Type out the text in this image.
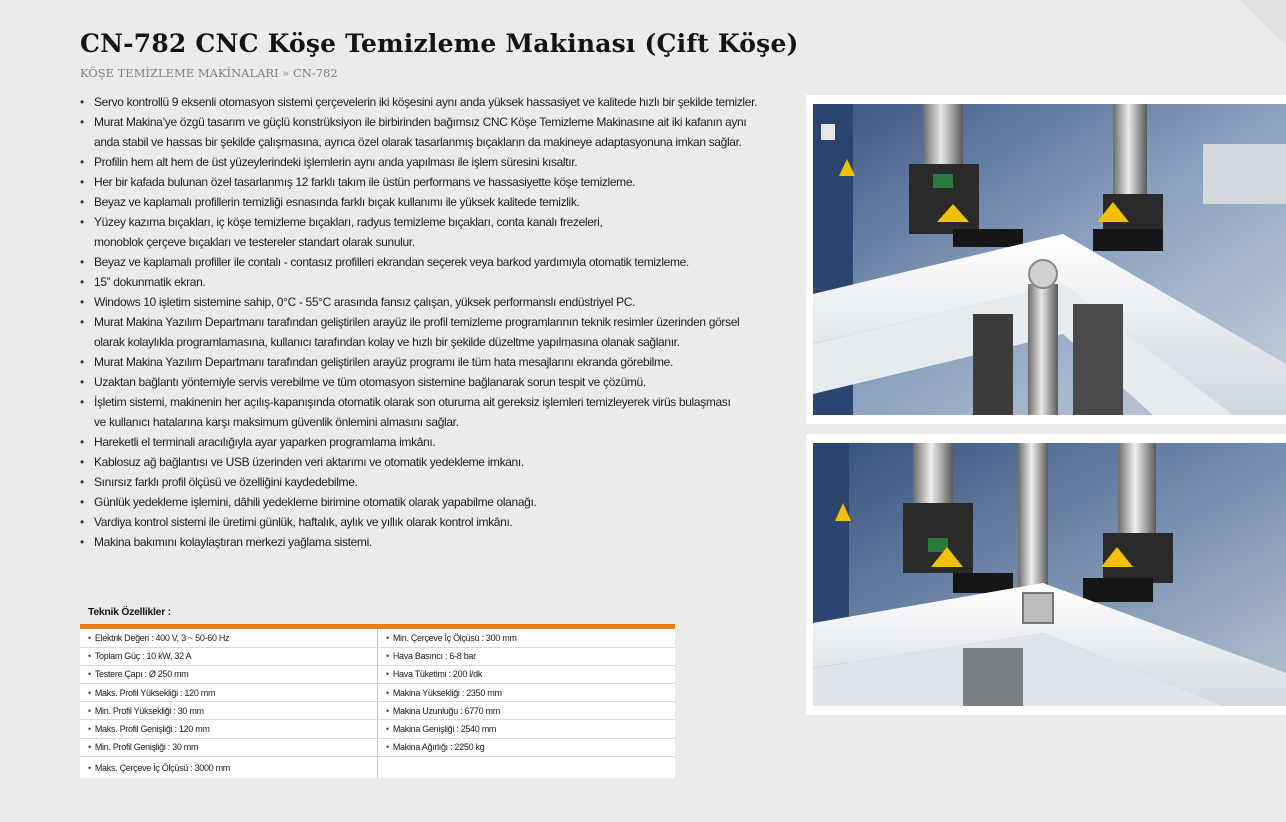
CN-782 CNC Köşe Temizleme Makinası (Çift Köşe)
KÖŞE TEMİZLEME MAKİNALARI » CN-782
• Servo kontrollü 9 eksenli otomasyon sistemi çerçevelerin iki köşesini aynı anda yüksek hassasiyet ve kalitede hızlı bir şekilde temizler.
• Murat Makina’ye özgü tasarım ve güçlü konstrüksiyon ile birbirinden bağımsız CNC Köşe Temizleme Makinasıne ait iki kafanın aynı
anda stabil ve hassas bir şekilde çalışmasına, ayrıca özel olarak tasarlanmış bıçakların da makineye adaptasyonuna imkan sağlar.
• Profilin hem alt hem de üst yüzeylerindeki işlemlerin aynı anda yapılması ile işlem süresini kısaltır.
• Her bir kafada bulunan özel tasarlanmış 12 farklı takım ile üstün performans ve hassasiyette köşe temizleme.
• Beyaz ve kaplamalı profillerin temizliği esnasında farklı bıçak kullanımı ile yüksek kalitede temizlik.
• Yüzey kazıma bıçakları, iç köşe temizleme bıçakları, radyus temizleme bıçakları, conta kanalı frezeleri,
monoblok çerçeve bıçakları ve testereler standart olarak sunulur.
• Beyaz ve kaplamalı profiller ile contalı - contasız profilleri ekrandan seçerek veya barkod yardımıyla otomatik temizleme.
• 15” dokunmatik ekran.
• Windows 10 işletim sistemine sahip, 0°C - 55°C arasında fansız çalışan, yüksek performanslı endüstriyel PC.
• Murat Makina Yazılım Departmanı tarafından geliştirilen arayüz ile profil temizleme programlarının teknik resimler üzerinden görsel
olarak kolaylıkla programlamasına, kullanıcı tarafından kolay ve hızlı bir şekilde düzeltme yapılmasına olanak sağlanır.
• Murat Makina Yazılım Departmanı tarafından geliştirilen arayüz programı ile tüm hata mesajlarını ekranda görebilme.
• Uzaktan bağlantı yöntemiyle servis verebilme ve tüm otomasyon sistemine bağlanarak sorun tespit ve çözümü.
• İşletim sistemi, makinenin her açılış-kapanışında otomatik olarak son oturuma ait gereksiz işlemleri temizleyerek virüs bulaşması
ve kullanıcı hatalarına karşı maksimum güvenlik önlemini almasını sağlar.
• Hareketli el terminali aracılığıyla ayar yaparken programlama imkânı.
• Kablosuz ağ bağlantısı ve USB üzerinden veri aktarımı ve otomatik yedekleme imkanı.
• Sınırsız farklı profil ölçüsü ve özelliğini kaydedebilme.
• Günlük yedekleme işlemini, dâhili yedekleme birimine otomatik olarak yapabilme olanağı.
• Vardiya kontrol sistemi ile üretimi günlük, haftalık, aylık ve yıllık olarak kontrol imkânı.
• Makina bakımını kolaylaştıran merkezi yağlama sistemi.
Teknik Özellikler :
• Elektrik Değeri : 400 V, 3 ~ 50-60 Hz	• Min. Çerçeve İç Ölçüsü : 300 mm
• Toplam Güç : 10 kW, 32 A	• Hava Basıncı : 6-8 bar
• Testere Çapı : Ø 250 mm	• Hava Tüketimi : 200 l/dk
• Maks. Profil Yüksekliği : 120 mm	• Makina Yüksekliği : 2350 mm
• Min. Profil Yüksekliği : 30 mm	• Makina Uzunluğu : 6770 mm
• Maks. Profil Genişliği : 120 mm	• Makina Genişliği : 2540 mm
• Min. Profil Genişliği : 30 mm	• Makina Ağırlığı : 2250 kg
• Maks. Çerçeve İç Ölçüsü : 3000 mm	
